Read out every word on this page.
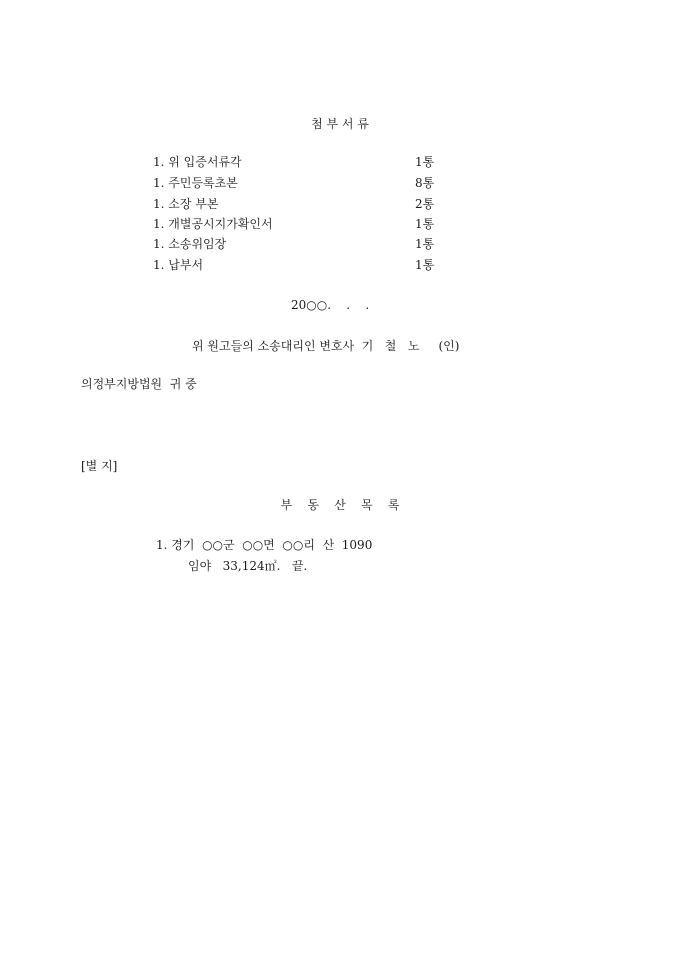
첨 부 서 류
1. 위 입증서류각	1통
1. 주민등록초본	8통
1. 소장 부본	2통
1. 개별공시지가확인서	1통
1. 소송위임장	1통
1. 납부서	1통
20○○.    .    .
위 원고들의 소송대리인 변호사  기   철   노     (인)
의정부지방법원  귀 중
[별 지]
부    동    산    목    록
1. 경기  ○○군  ○○면  ○○리  산  1090
임야   33,124㎡.   끝.
